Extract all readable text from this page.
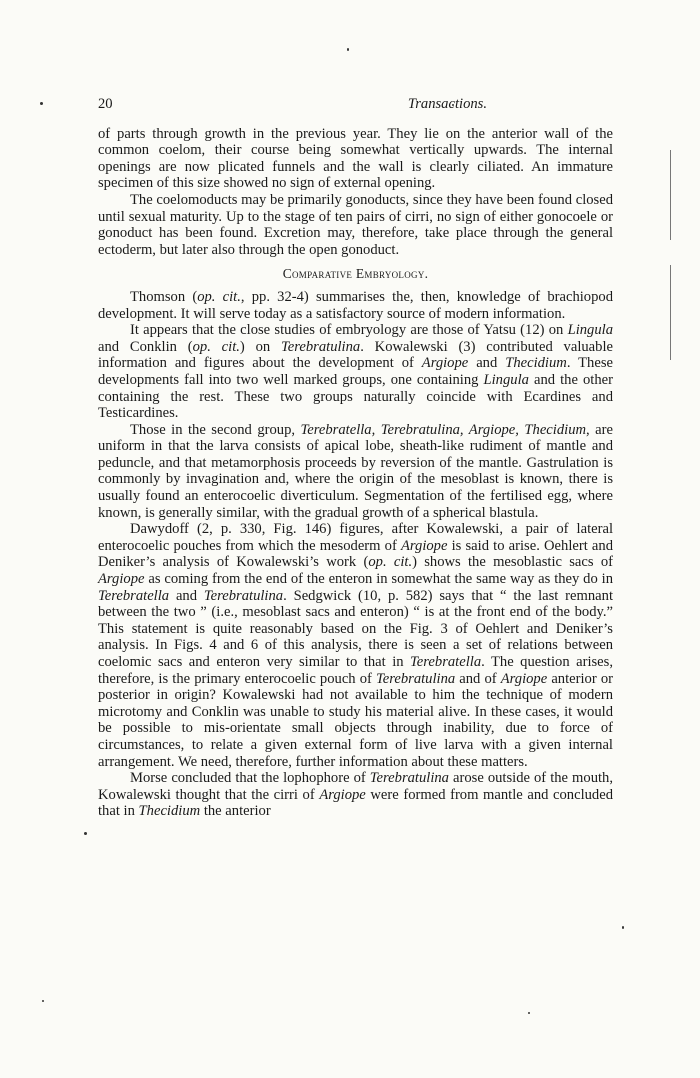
20	Transactions.

of parts through growth in the previous year. They lie on the anterior wall of the common coelom, their course being somewhat vertically upwards. The internal openings are now plicated funnels and the wall is clearly ciliated. An immature specimen of this size showed no sign of external opening.

The coelomoducts may be primarily gonoducts, since they have been found closed until sexual maturity. Up to the stage of ten pairs of cirri, no sign of either gonocoele or gonoduct has been found. Excretion may, therefore, take place through the general ectoderm, but later also through the open gonoduct.

Comparative Embryology.

Thomson (op. cit., pp. 32-4) summarises the, then, knowledge of brachiopod development. It will serve today as a satisfactory source of modern information.

It appears that the close studies of embryology are those of Yatsu (12) on Lingula and Conklin (op. cit.) on Terebratulina. Kowalewski (3) contributed valuable information and figures about the development of Argiope and Thecidium. These developments fall into two well marked groups, one containing Lingula and the other containing the rest. These two groups naturally coincide with Ecardines and Testicardines.

Those in the second group, Terebratella, Terebratulina, Argiope, Thecidium, are uniform in that the larva consists of apical lobe, sheath-like rudiment of mantle and peduncle, and that metamorphosis proceeds by reversion of the mantle. Gastrulation is commonly by invagination and, where the origin of the mesoblast is known, there is usually found an enterocoelic diverticulum. Segmentation of the fertilised egg, where known, is generally similar, with the gradual growth of a spherical blastula.

Dawydoff (2, p. 330, Fig. 146) figures, after Kowalewski, a pair of lateral enterocoelic pouches from which the mesoderm of Argiope is said to arise. Oehlert and Deniker’s analysis of Kowalewski’s work (op. cit.) shows the mesoblastic sacs of Argiope as coming from the end of the enteron in somewhat the same way as they do in Terebratella and Terebratulina. Sedgwick (10, p. 582) says that “ the last remnant between the two ” (i.e., mesoblast sacs and enteron) “ is at the front end of the body.” This statement is quite reasonably based on the Fig. 3 of Oehlert and Deniker’s analysis. In Figs. 4 and 6 of this analysis, there is seen a set of relations between coelomic sacs and enteron very similar to that in Terebratella. The question arises, therefore, is the primary enterocoelic pouch of Terebratulina and of Argiope anterior or posterior in origin? Kowalewski had not available to him the technique of modern microtomy and Conklin was unable to study his material alive. In these cases, it would be possible to mis-orientate small objects through inability, due to force of circumstances, to relate a given external form of live larva with a given internal arrangement. We need, therefore, further information about these matters.

Morse concluded that the lophophore of Terebratulina arose outside of the mouth, Kowalewski thought that the cirri of Argiope were formed from mantle and concluded that in Thecidium the anterior
